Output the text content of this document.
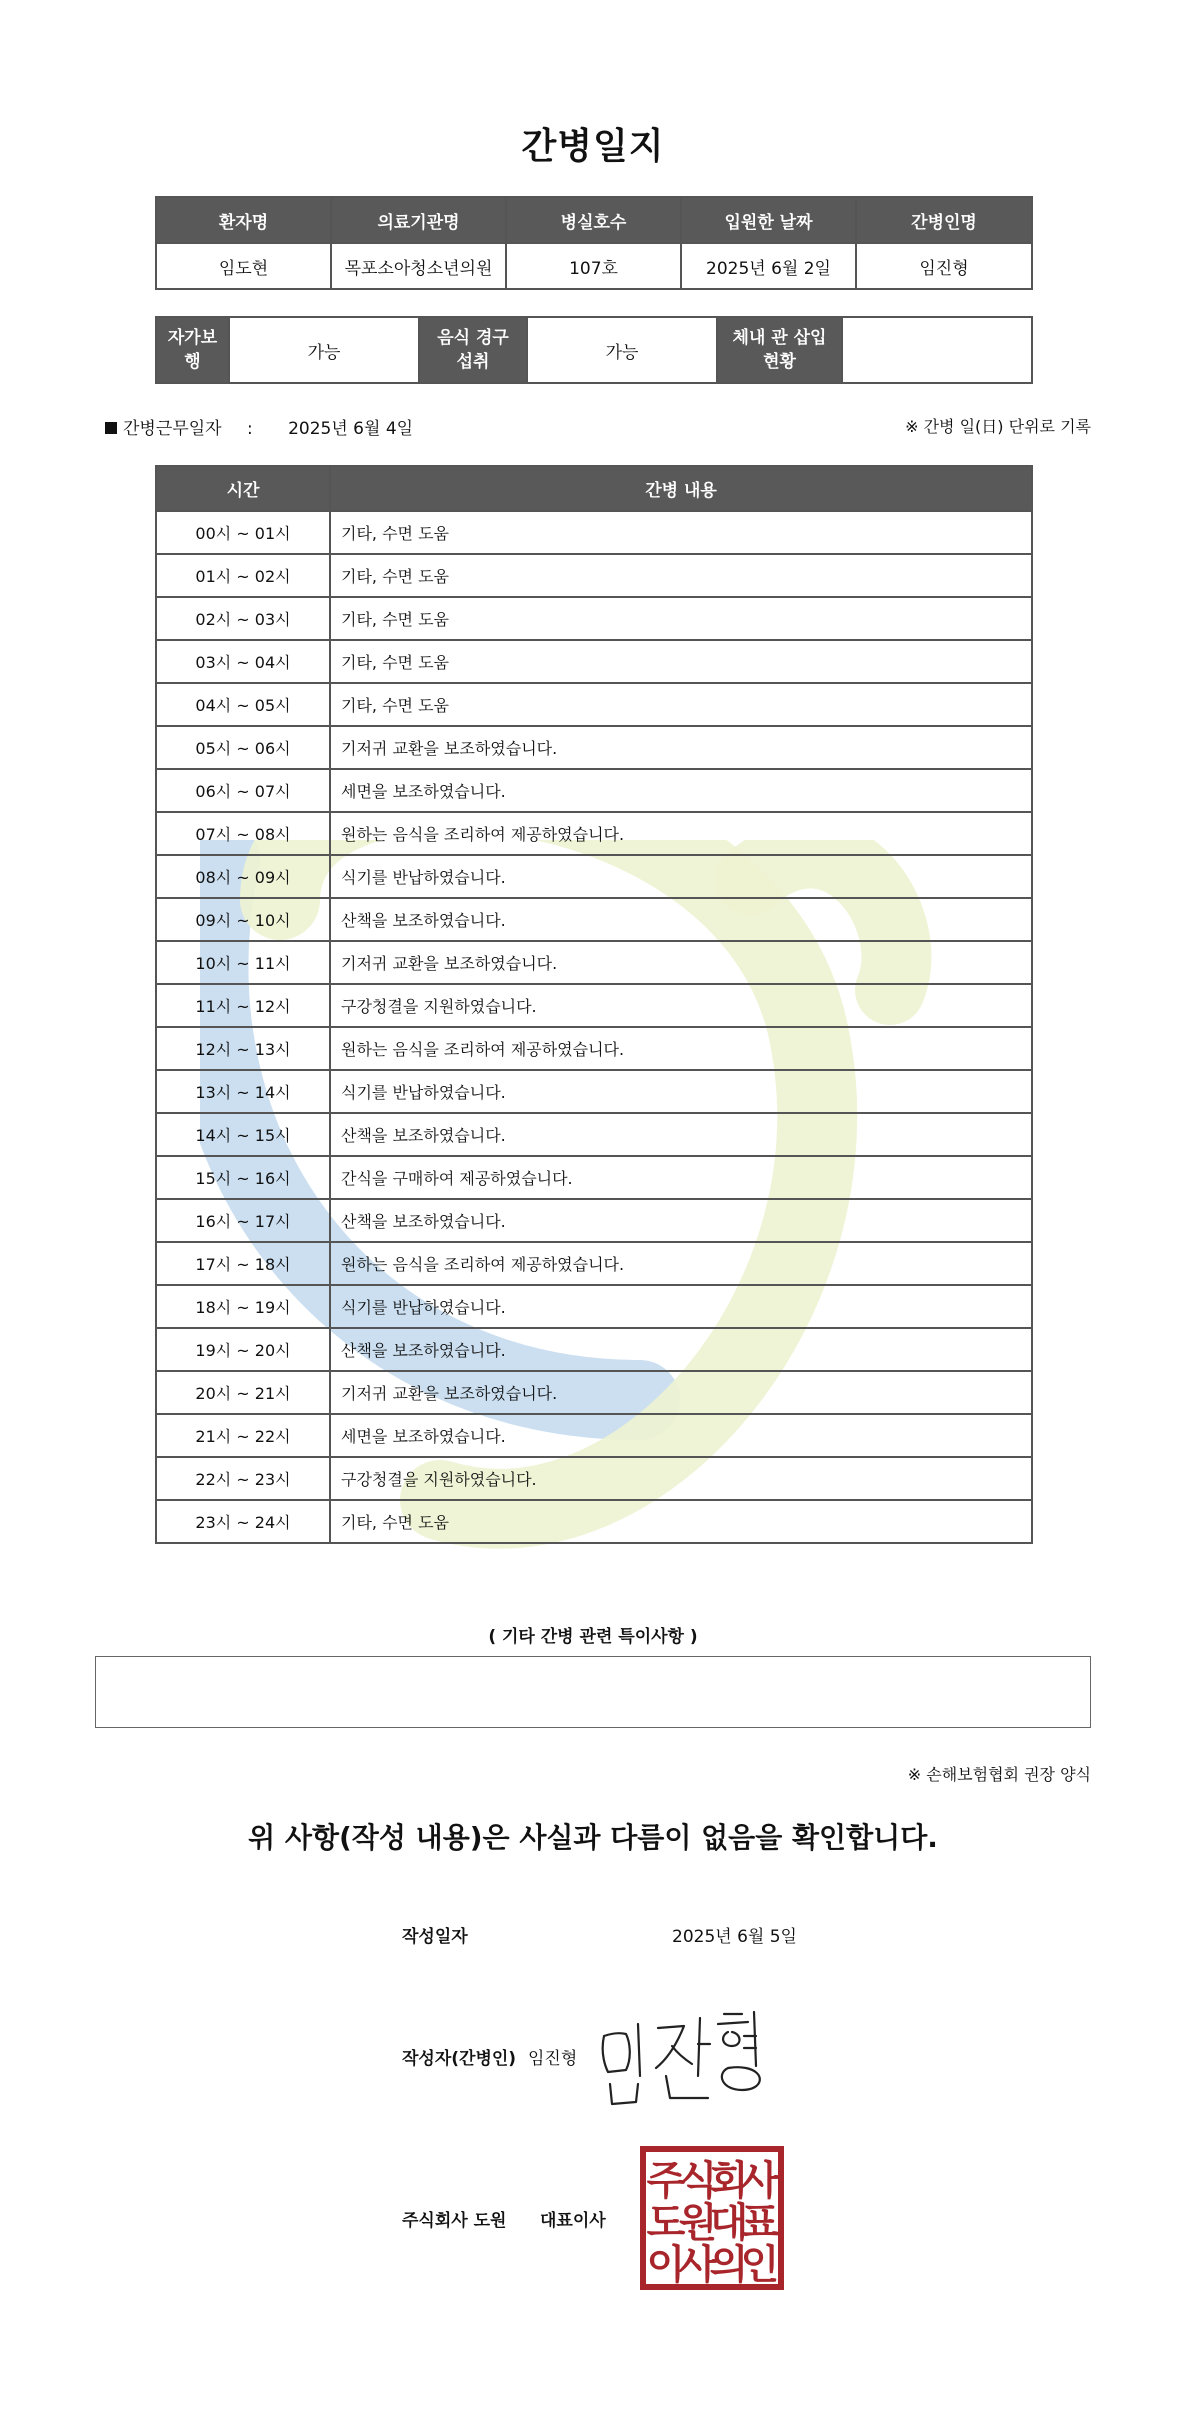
간병일지
환자명	의료기관명	병실호수	입원한 날짜	간병인명
임도현	목포소아청소년의원	107호	2025년 6월 2일	임진형
자가보 행	가능	음식 경구 섭취	가능	체내 관 삽입 현황	
간병근무일자 : 2025년 6월 4일	※ 간병 일(日) 단위로 기록
시간	간병 내용
00시 ~ 01시	기타, 수면 도움
01시 ~ 02시	기타, 수면 도움
02시 ~ 03시	기타, 수면 도움
03시 ~ 04시	기타, 수면 도움
04시 ~ 05시	기타, 수면 도움
05시 ~ 06시	기저귀 교환을 보조하였습니다.
06시 ~ 07시	세면을 보조하였습니다.
07시 ~ 08시	원하는 음식을 조리하여 제공하였습니다.
08시 ~ 09시	식기를 반납하였습니다.
09시 ~ 10시	산책을 보조하였습니다.
10시 ~ 11시	기저귀 교환을 보조하였습니다.
11시 ~ 12시	구강청결을 지원하였습니다.
12시 ~ 13시	원하는 음식을 조리하여 제공하였습니다.
13시 ~ 14시	식기를 반납하였습니다.
14시 ~ 15시	산책을 보조하였습니다.
15시 ~ 16시	간식을 구매하여 제공하였습니다.
16시 ~ 17시	산책을 보조하였습니다.
17시 ~ 18시	원하는 음식을 조리하여 제공하였습니다.
18시 ~ 19시	식기를 반납하였습니다.
19시 ~ 20시	산책을 보조하였습니다.
20시 ~ 21시	기저귀 교환을 보조하였습니다.
21시 ~ 22시	세면을 보조하였습니다.
22시 ~ 23시	구강청결을 지원하였습니다.
23시 ~ 24시	기타, 수면 도움
( 기타 간병 관련 특이사항 )
※ 손해보험협회 권장 양식
위 사항(작성 내용)은 사실과 다름이 없음을 확인합니다.
작성일자	2025년 6월 5일
작성자(간병인) 임진형
주식회사 도원 대표이사
주
식
회
사
도
원
대
표
이
사
의
인
